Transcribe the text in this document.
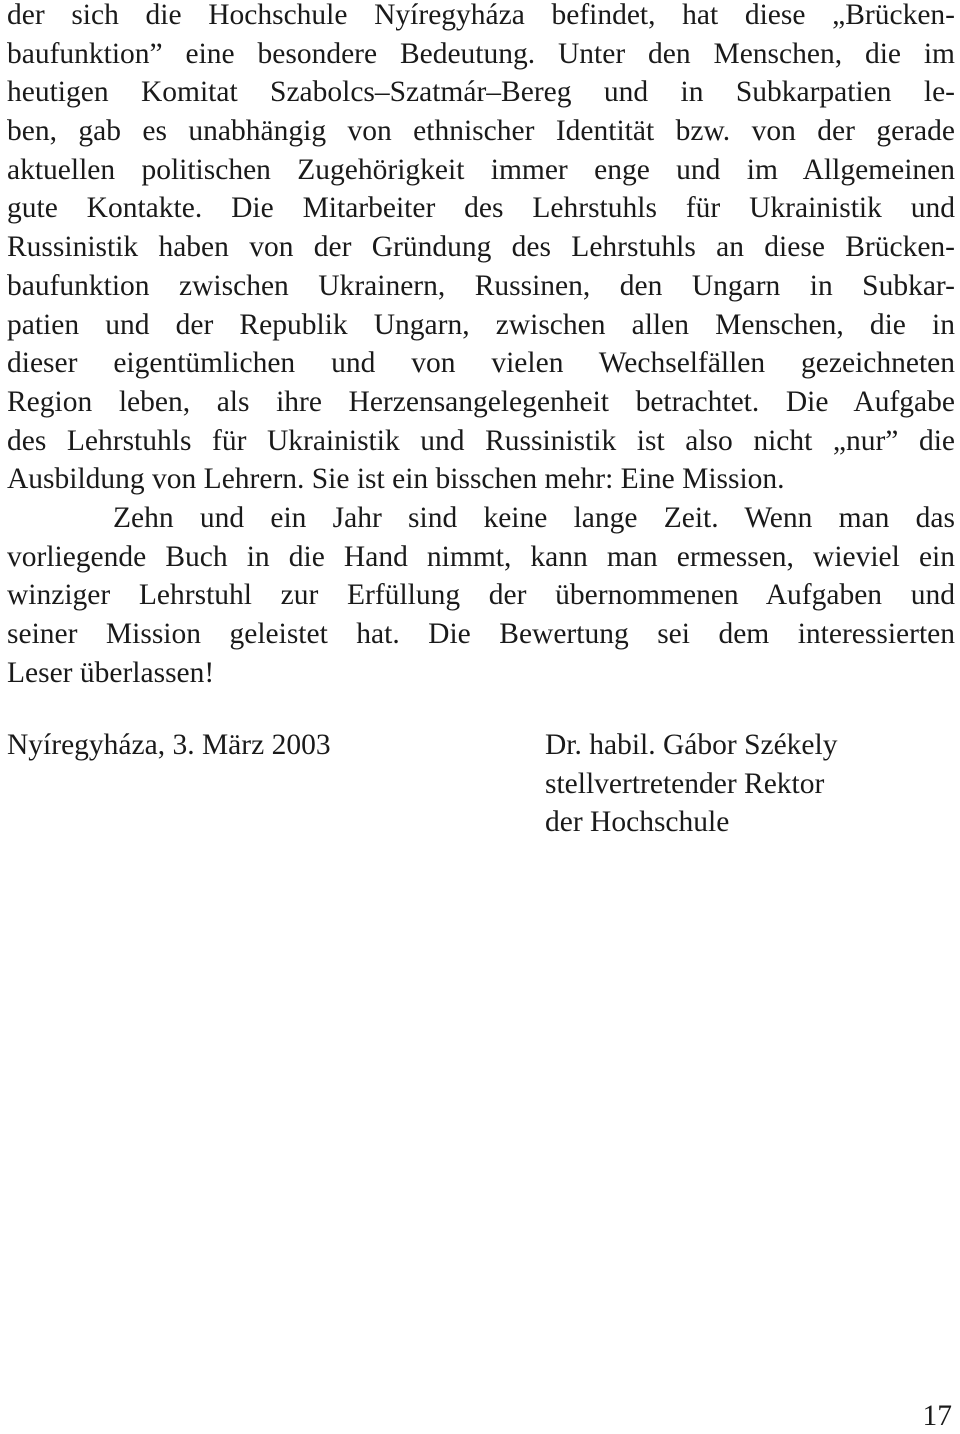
der sich die Hochschule Nyíregyháza befindet, hat diese „Brücken-
baufunktion” eine besondere Bedeutung. Unter den Menschen, die im
heutigen Komitat Szabolcs–Szatmár–Bereg und in Subkarpatien le-
ben, gab es unabhängig von ethnischer Identität bzw. von der gerade
aktuellen politischen Zugehörigkeit immer enge und im Allgemeinen
gute Kontakte. Die Mitarbeiter des Lehrstuhls für Ukrainistik und
Russinistik haben von der Gründung des Lehrstuhls an diese Brücken-
baufunktion zwischen Ukrainern, Russinen, den Ungarn in Subkar-
patien und der Republik Ungarn, zwischen allen Menschen, die in
dieser eigentümlichen und von vielen Wechselfällen gezeichneten
Region leben, als ihre Herzensangelegenheit betrachtet. Die Aufgabe
des Lehrstuhls für Ukrainistik und Russinistik ist also nicht „nur” die
Ausbildung von Lehrern. Sie ist ein bisschen mehr: Eine Mission.
Zehn und ein Jahr sind keine lange Zeit. Wenn man das
vorliegende Buch in die Hand nimmt, kann man ermessen, wieviel ein
winziger Lehrstuhl zur Erfüllung der übernommenen Aufgaben und
seiner Mission geleistet hat. Die Bewertung sei dem interessierten
Leser überlassen!
Nyíregyháza, 3. März 2003	Dr. habil. Gábor Székely
stellvertretender Rektor
der Hochschule
17
